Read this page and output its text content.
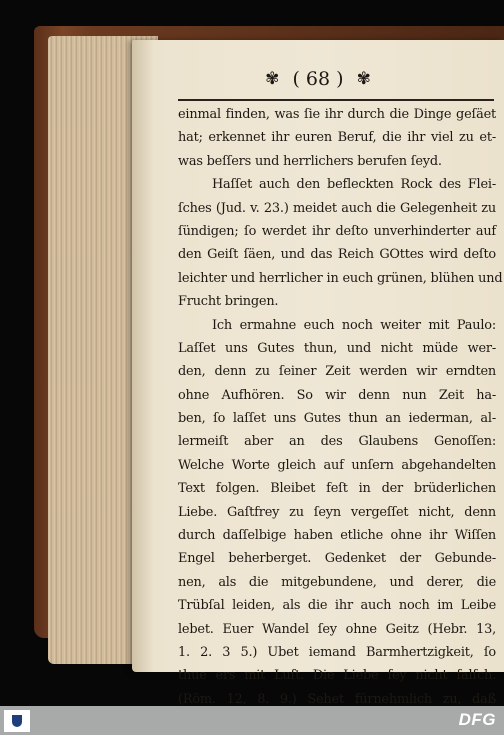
✾ ( 68 ) ✾
einmal finden, was ſie ihr durch die Dinge geſäet
hat; erkennet ihr euren Beruf, die ihr viel zu et-
was beſſers und herrlichers berufen ſeyd.
Haſſet auch den befleckten Rock des Flei-
ſches (Jud. v. 23.) meidet auch die Gelegenheit zu
ſündigen; ſo werdet ihr deſto unverhinderter auf
den Geiſt ſäen, und das Reich GOttes wird deſto
leichter und herrlicher in euch grünen, blühen und
Frucht bringen.
Ich ermahne euch noch weiter mit Paulo:
Laſſet uns Gutes thun, und nicht müde wer-
den, denn zu ſeiner Zeit werden wir erndten
ohne Aufhören. So wir denn nun Zeit ha-
ben, ſo laſſet uns Gutes thun an iederman, al-
lermeiſt aber an des Glaubens Genoſſen:
Welche Worte gleich auf unſern abgehandelten
Text folgen. Bleibet feſt in der brüderlichen
Liebe. Gaſtfrey zu ſeyn vergeſſet nicht, denn
durch daſſelbige haben etliche ohne ihr Wiſſen
Engel beherberget. Gedenket der Gebunde-
nen, als die mitgebundene, und derer, die
Trübſal leiden, als die ihr auch noch im Leibe
lebet. Euer Wandel ſey ohne Geitz (Hebr. 13,
1. 2. 3 5.) Ubet iemand Barmhertzigkeit, ſo
thue ers mit Luſt. Die Liebe ſey nicht falſch.
(Röm. 12, 8. 9.) Sehet fürnehmlich zu, daß
DFG
